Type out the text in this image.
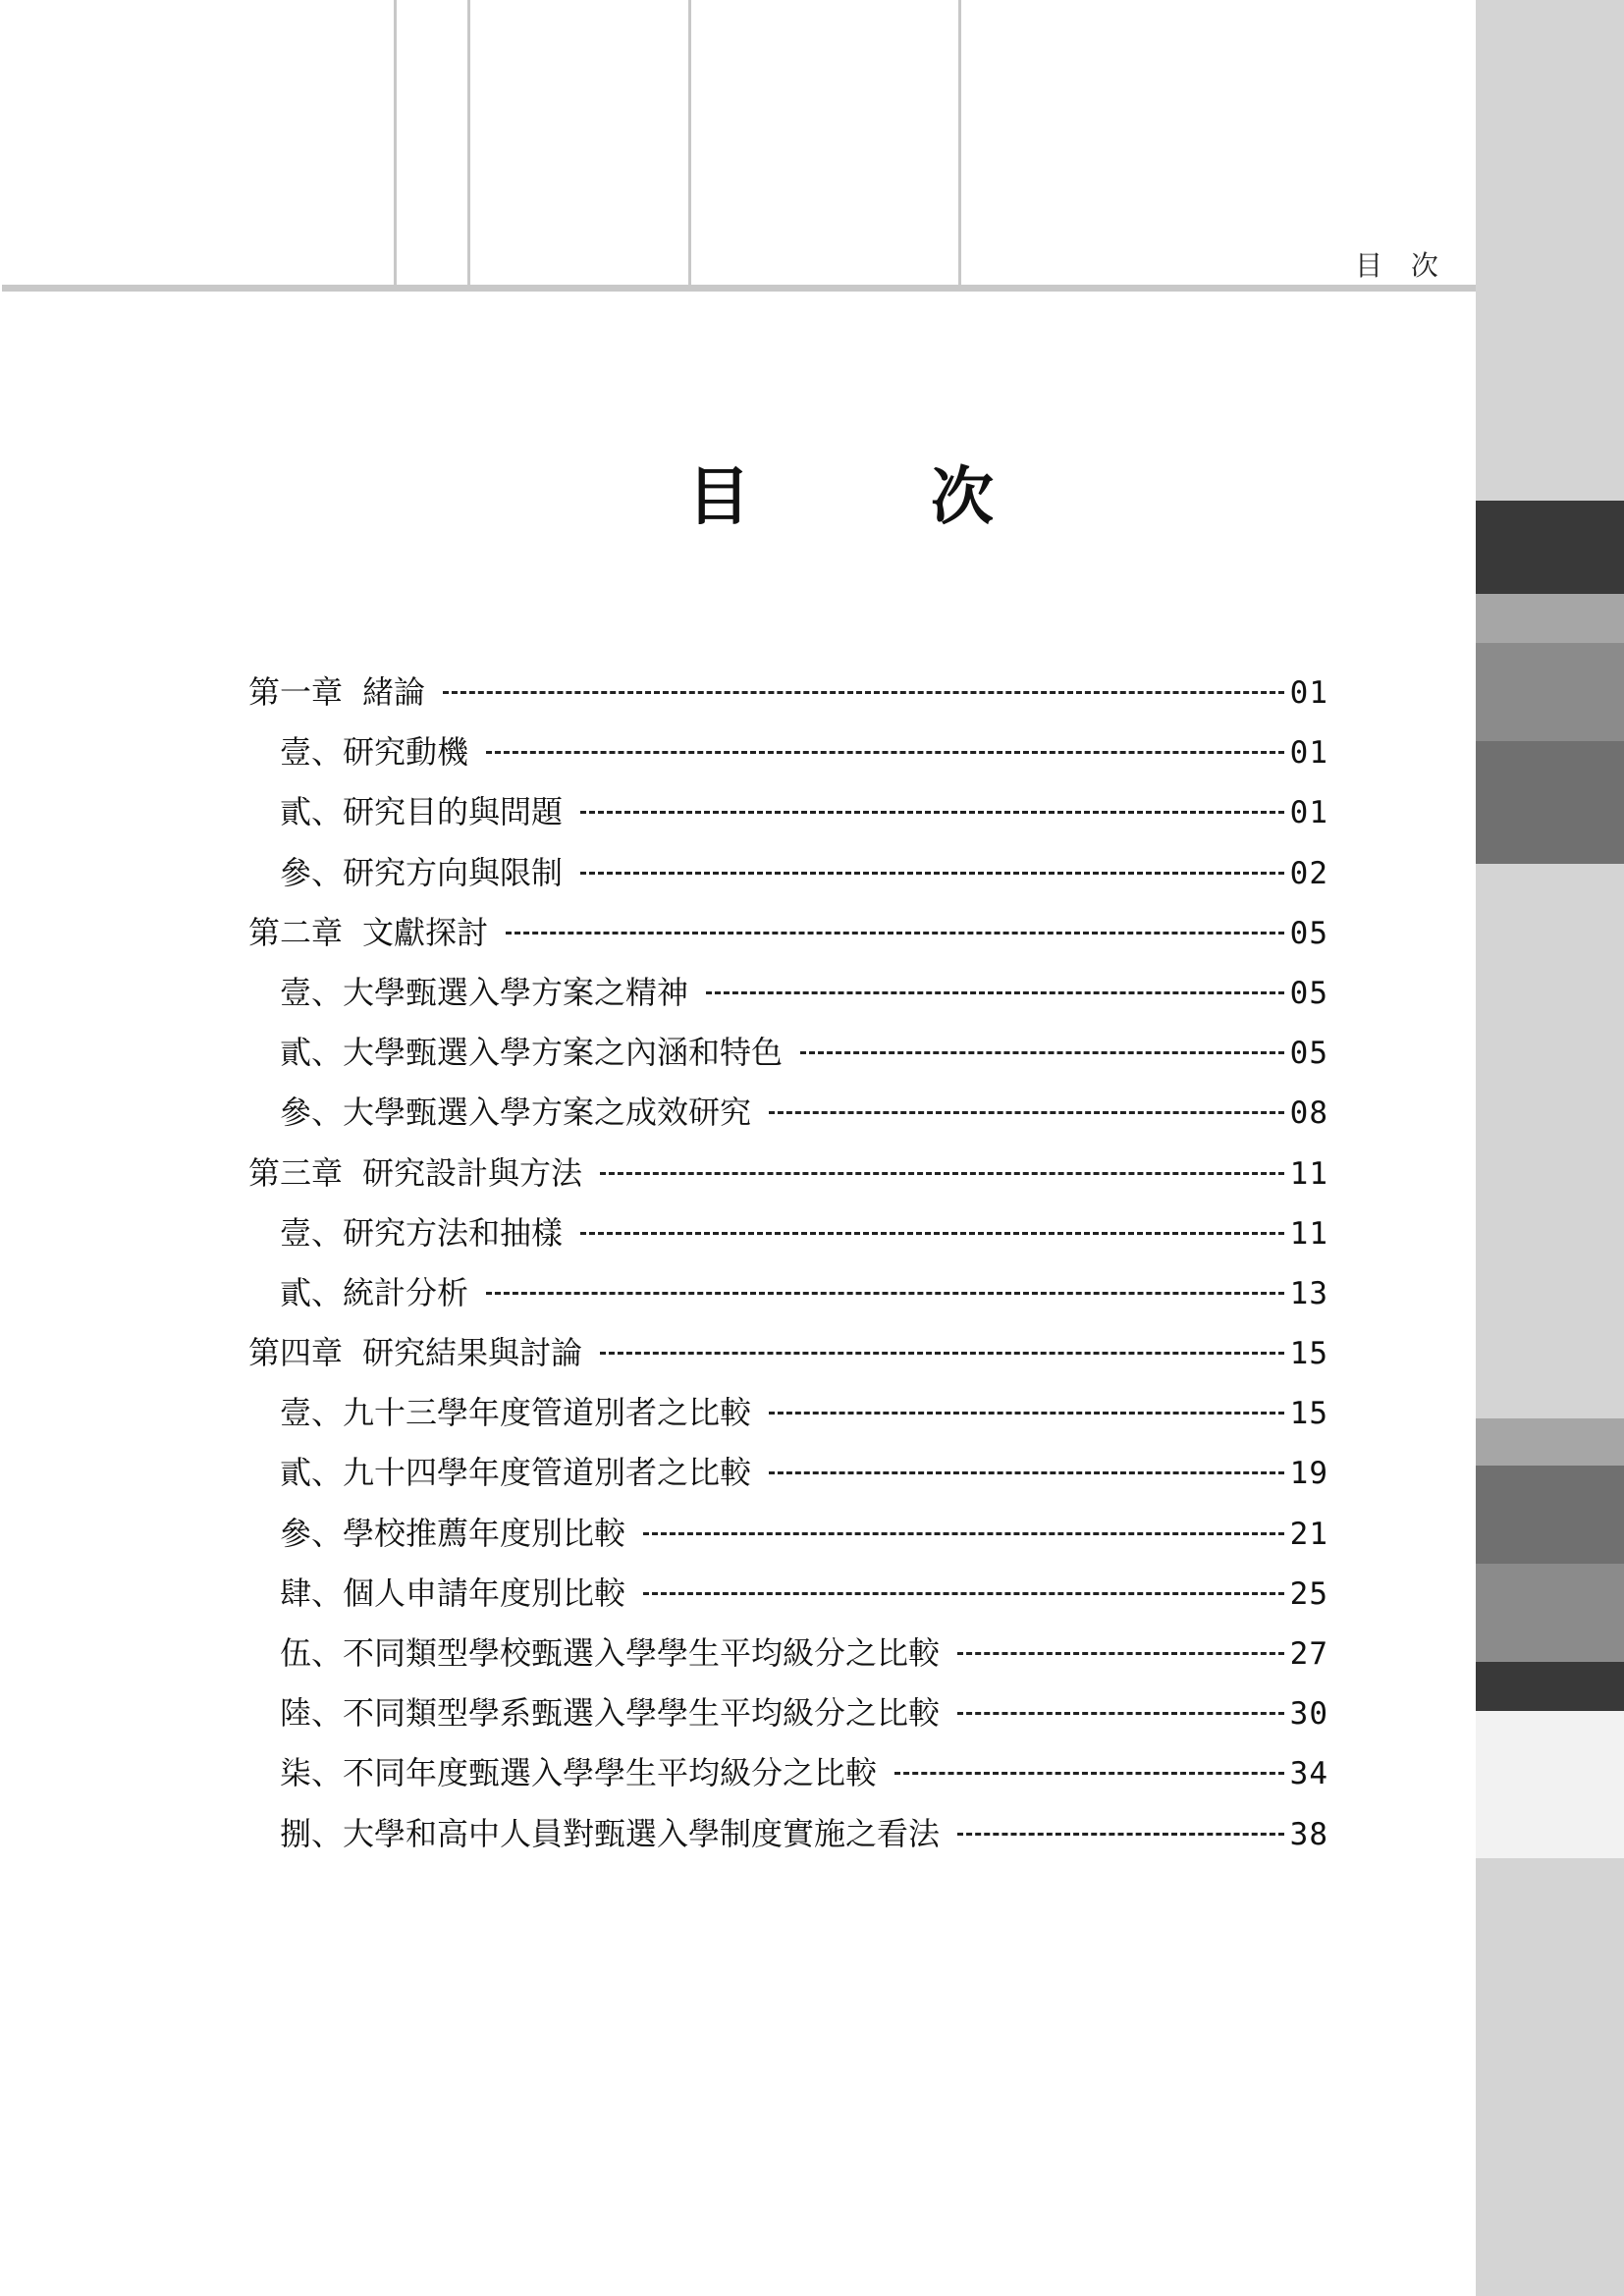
目 次
目　次
第一章 緒論	01
壹、研究動機	01
貳、研究目的與問題	01
參、研究方向與限制	02
第二章 文獻探討	05
壹、大學甄選入學方案之精神	05
貳、大學甄選入學方案之內涵和特色	05
參、大學甄選入學方案之成效研究	08
第三章 研究設計與方法	11
壹、研究方法和抽樣	11
貳、統計分析	13
第四章 研究結果與討論	15
壹、九十三學年度管道別者之比較	15
貳、九十四學年度管道別者之比較	19
參、學校推薦年度別比較	21
肆、個人申請年度別比較	25
伍、不同類型學校甄選入學學生平均級分之比較	27
陸、不同類型學系甄選入學學生平均級分之比較	30
柒、不同年度甄選入學學生平均級分之比較	34
捌、大學和高中人員對甄選入學制度實施之看法	38
